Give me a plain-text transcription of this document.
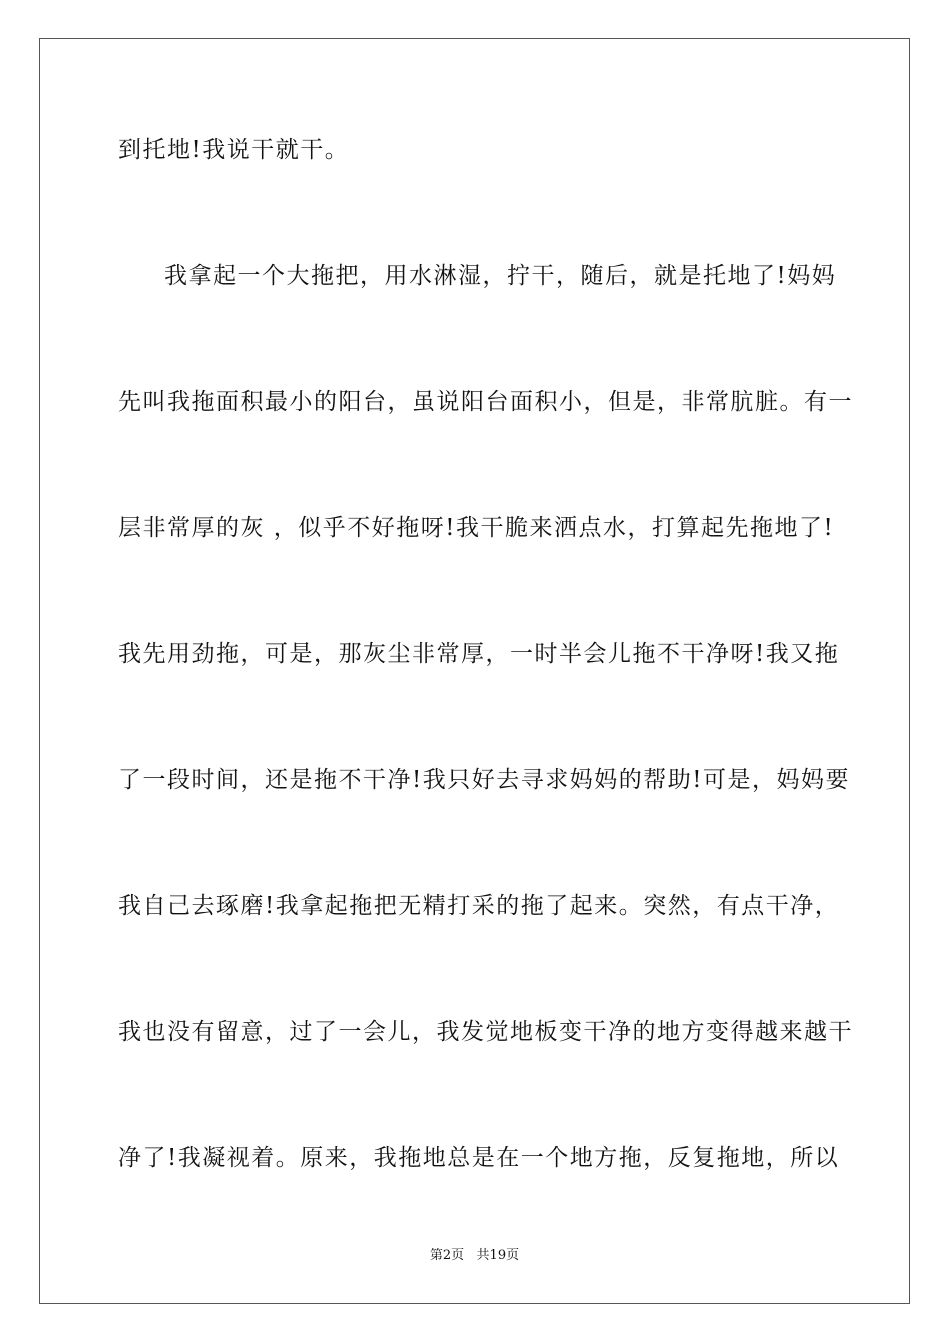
到托地!我说干就干。
我拿起一个大拖把，用水淋湿，拧干，随后，就是托地了!妈妈
先叫我拖面积最小的阳台，虽说阳台面积小，但是，非常肮脏。有一
层非常厚的灰 ，似乎不好拖呀!我干脆来洒点水，打算起先拖地了!
我先用劲拖，可是，那灰尘非常厚，一时半会儿拖不干净呀!我又拖
了一段时间，还是拖不干净!我只好去寻求妈妈的帮助!可是，妈妈要
我自己去琢磨!我拿起拖把无精打采的拖了起来。突然，有点干净，
我也没有留意，过了一会儿，我发觉地板变干净的地方变得越来越干
净了!我凝视着。原来，我拖地总是在一个地方拖，反复拖地，所以
第2页   共19页
